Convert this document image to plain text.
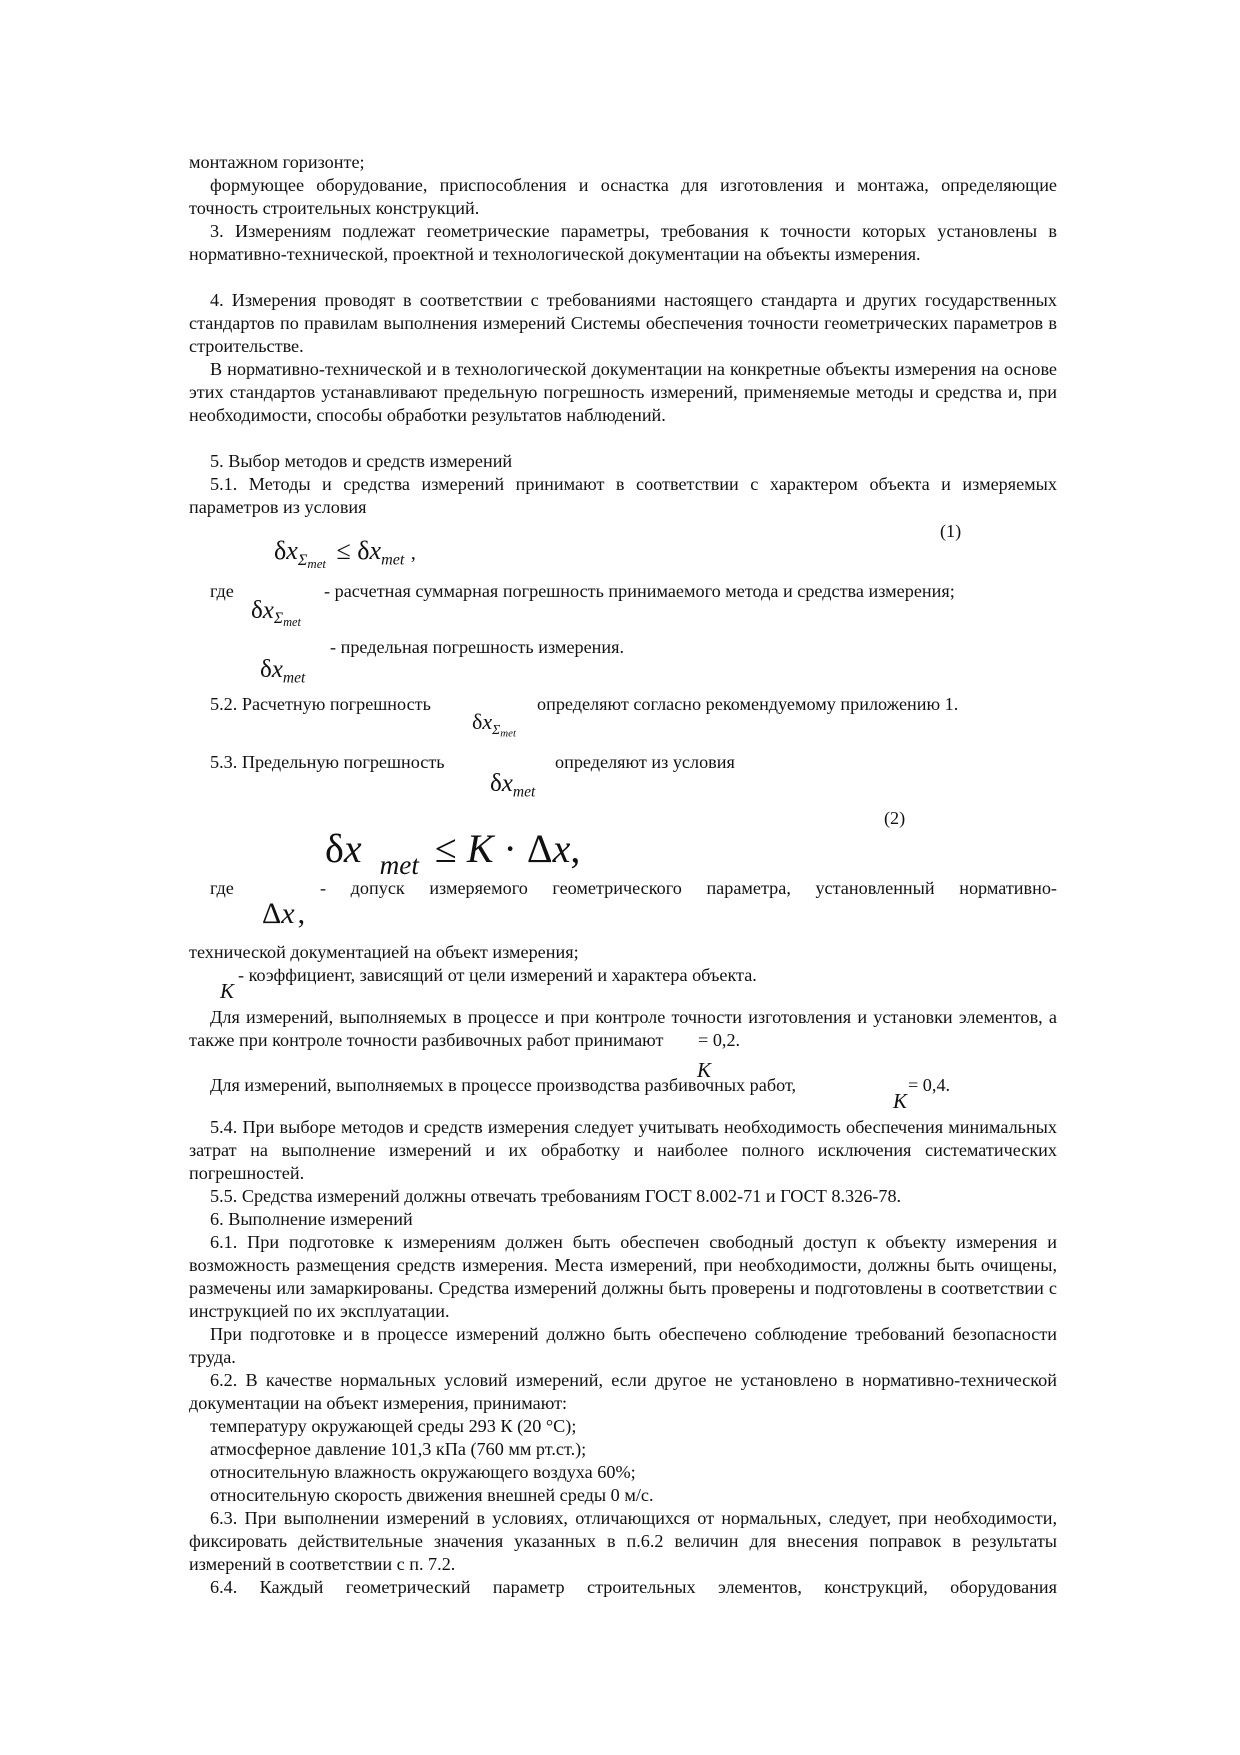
монтажном горизонте;

формующее оборудование, приспособления и оснастка для изготовления и монтажа, определяющие точность строительных конструкций.

3. Измерениям подлежат геометрические параметры, требования к точности которых установлены в нормативно-технической, проектной и технологической документации на объекты измерения.

4. Измерения проводят в соответствии с требованиями настоящего стандарта и других государственных стандартов по правилам выполнения измерений Системы обеспечения точности геометрических параметров в строительстве.

В нормативно-технической и в технологической документации на конкретные объекты измерения на основе этих стандартов устанавливают предельную погрешность измерений, применяемые методы и средства и, при необходимости, способы обработки результатов наблюдений.

5. Выбор методов и средств измерений

5.1. Методы и средства измерений принимают в соответствии с характером объекта и измеряемых параметров из условия

(1)
$\delta x_{\Sigma_{met}} \le \delta x_{met}$ ,
где	- расчетная суммарная погрешность принимаемого метода и средства измерения;
$\delta x_{\Sigma_{met}}$
- предельная погрешность измерения.
$\delta x_{met}$
5.2. Расчетную погрешность	определяют согласно рекомендуемому приложению 1.
$\delta x_{\Sigma_{met}}$
5.3. Предельную погрешность	определяют из условия
$\delta x_{met}$
(2)
δx $_{met}$ ≤ K · Δx,
где	- допуск измеряемого геометрического параметра, установленный нормативно-
Δx ,
технической документацией на объект измерения;
- коэффициент, зависящий от цели измерений и характера объекта.
K

Для измерений, выполняемых в процессе и при контроле точности изготовления и установки элементов, а также при контроле точности разбивочных работ принимают
K
= 0,2.

Для измерений, выполняемых в процессе производства разбивочных работ,
K
= 0,4.

5.4. При выборе методов и средств измерения следует учитывать необходимость обеспечения минимальных затрат на выполнение измерений и их обработку и наиболее полного исключения систематических погрешностей.

5.5. Средства измерений должны отвечать требованиям ГОСТ 8.002-71 и ГОСТ 8.326-78.

6. Выполнение измерений

6.1. При подготовке к измерениям должен быть обеспечен свободный доступ к объекту измерения и возможность размещения средств измерения. Места измерений, при необходимости, должны быть очищены, размечены или замаркированы. Средства измерений должны быть проверены и подготовлены в соответствии с инструкцией по их эксплуатации.

При подготовке и в процессе измерений должно быть обеспечено соблюдение требований безопасности труда.

6.2. В качестве нормальных условий измерений, если другое не установлено в нормативно-технической документации на объект измерения, принимают:

температуру окружающей среды 293 К (20 °С);

атмосферное давление 101,3 кПа (760 мм рт.ст.);

относительную влажность окружающего воздуха 60%;

относительную скорость движения внешней среды 0 м/с.

6.3. При выполнении измерений в условиях, отличающихся от нормальных, следует, при необходимости, фиксировать действительные значения указанных в п.6.2 величин для внесения поправок в результаты измерений в соответствии с п. 7.2.

6.4. Каждый геометрический параметр строительных элементов, конструкций, оборудования
